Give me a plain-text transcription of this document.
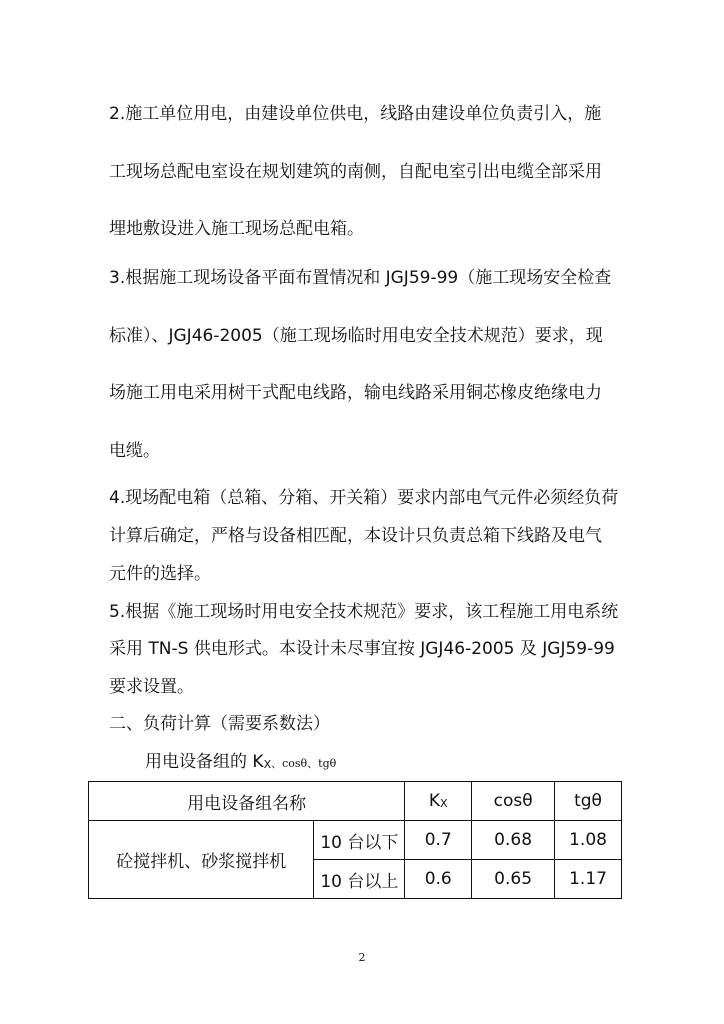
2.施工单位用电，由建设单位供电，线路由建设单位负责引入，施

工现场总配电室设在规划建筑的南侧，自配电室引出电缆全部采用

埋地敷设进入施工现场总配电箱。

3.根据施工现场设备平面布置情况和 JGJ59-99（施工现场安全检查

标准）、JGJ46-2005（施工现场临时用电安全技术规范）要求，现

场施工用电采用树干式配电线路，输电线路采用铜芯橡皮绝缘电力

电缆。

4.现场配电箱（总箱、分箱、开关箱）要求内部电气元件必须经负荷

计算后确定，严格与设备相匹配，本设计只负责总箱下线路及电气

元件的选择。

5.根据《施工现场时用电安全技术规范》要求，该工程施工用电系统

采用 TN-S 供电形式。本设计未尽事宜按 JGJ46-2005 及 JGJ59-99

要求设置。

二、负荷计算（需要系数法）

用电设备组的 $K_X$、cosθ、tgθ
用电设备组名称		$K_X$	cosθ	tgθ
砼搅拌机、砂浆搅拌机	10 台以下	0.7	0.68	1.08
	10 台以上	0.6	0.65	1.17
2
